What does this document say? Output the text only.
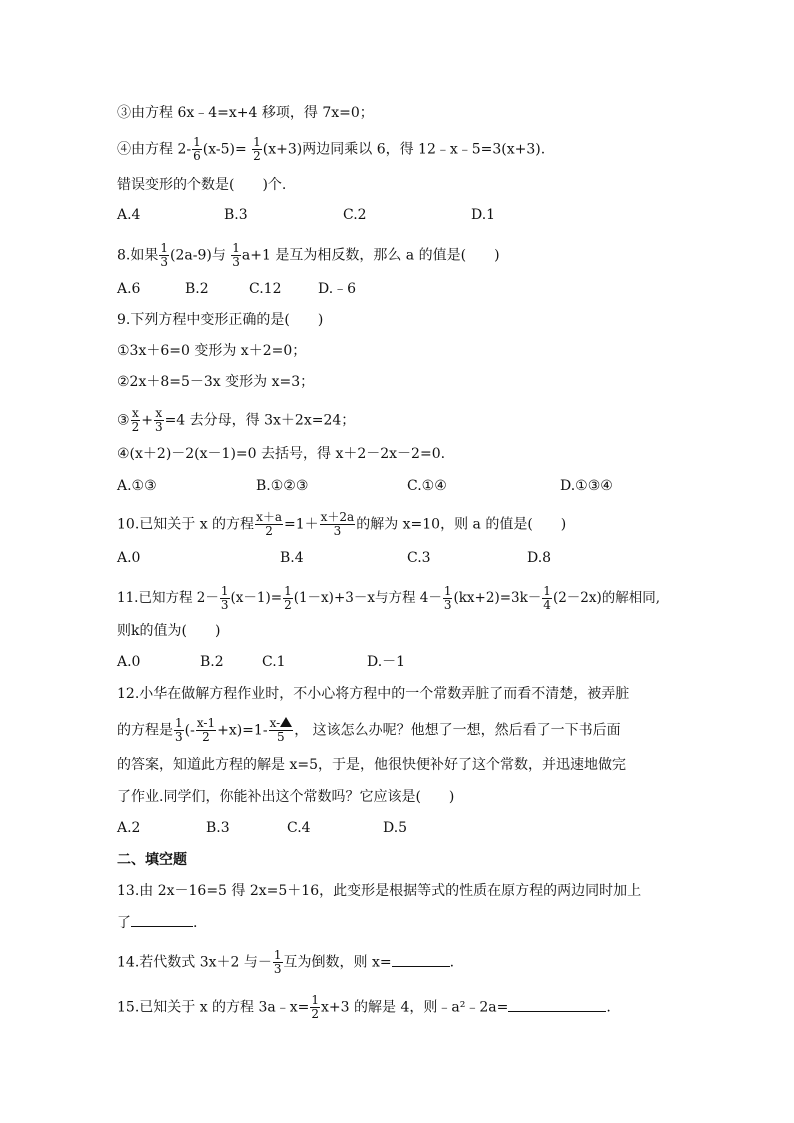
③由方程 6x﹣4=x+4 移项，得 7x=0；
④由方程 $2- \frac{1}{6} (x-5)= \frac{1}{2} (x+3)$两边同乘以 6，得 12﹣x﹣5=3(x+3).
错误变形的个数是(　　)个.
A.4	B.3	C.2	D.1
8.如果 $\frac{1}{3} (2a-9)$与 $\frac{1}{3} a+1$ 是互为相反数，那么 a 的值是(　　)
A.6	B.2	C.12	D.﹣6
9.下列方程中变形正确的是(　　)
①3x＋6=0 变形为 x＋2=0；
②2x＋8=5－3x 变形为 x=3；
③ $\frac{x}{2} + \frac{x}{3} =4$ 去分母，得 3x＋2x=24；
④(x＋2)－2(x－1)=0 去括号，得 x＋2－2x－2=0.
A.①③	B.①②③	C.①④	D.①③④
10.已知关于 x 的方程 $\frac{x+a}{2} =1+ \frac{x+2a}{3}$ 的解为 x=10，则 a 的值是(　　)
A.0	B.4	C.3	D.8
11.已知方程 $2- \frac{1}{3} (x-1)= \frac{1}{2} (1-x)+3-x$与方程 $4- \frac{1}{3} (kx+2)=3k- \frac{1}{4} (2-2x)$的解相同,
则k的值为(　　)
A.0	B.2	C.1	D.－1
12.小华在做解方程作业时，不小心将方程中的一个常数弄脏了而看不清楚，被弄脏
的方程是 $\frac{1}{3}$ (- $\frac{x-1}{2} +x)=1- \frac{x-}{5}$ ， 这该怎么办呢？他想了一想，然后看了一下书后面
的答案，知道此方程的解是 x=5，于是，他很快便补好了这个常数，并迅速地做完
了作业.同学们，你能补出这个常数吗？它应该是(　　)
A.2	B.3	C.4	D.5
二、填空题
13.由 2x－16=5 得 2x=5＋16，此变形是根据等式的性质在原方程的两边同时加上
了	.
14.若代数式 3x＋2 与－ $\frac{1}{3}$ 互为倒数，则 x=	.
15.已知关于 x 的方程 3a﹣x= $\frac{1}{2} x+3$ 的解是 4，则﹣a²﹣2a=	.
